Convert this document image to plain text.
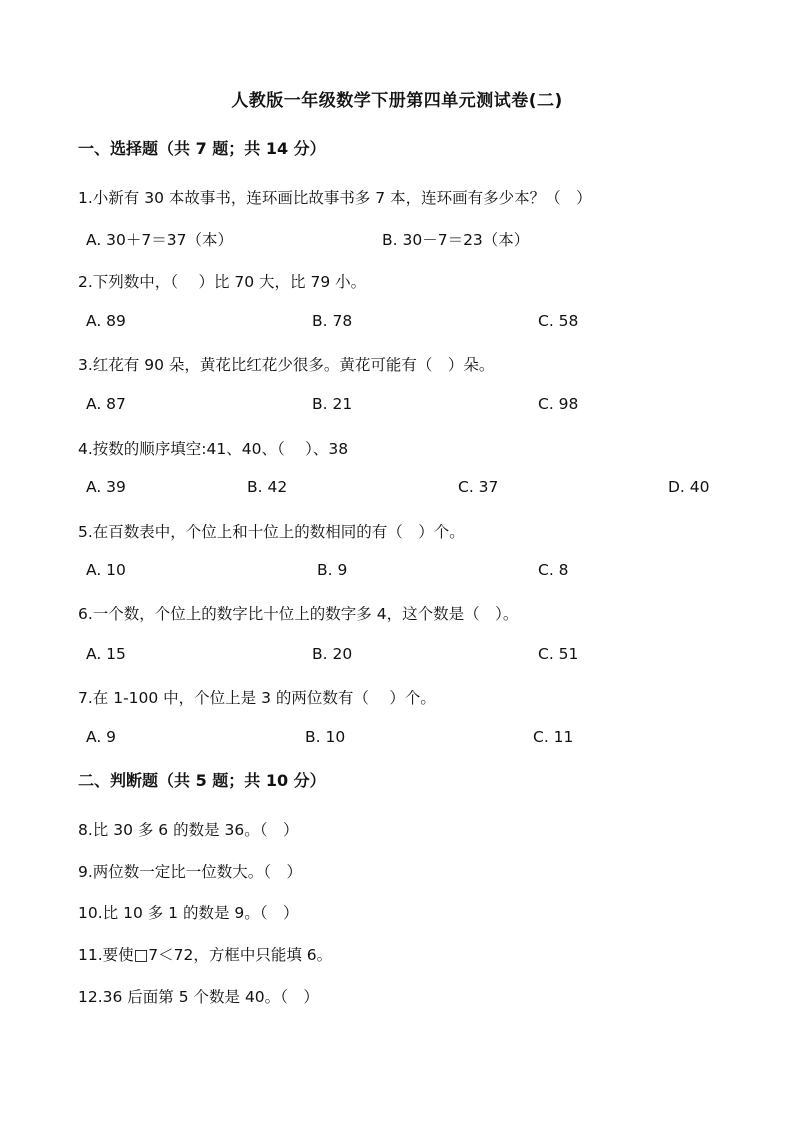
人教版一年级数学下册第四单元测试卷(二)
一、选择题（共 7 题；共 14 分）
1.小新有 30 本故事书，连环画比故事书多 7 本，连环画有多少本？（　）
A. 30＋7＝37（本）	B. 30－7＝23（本）
2.下列数中，（　 ）比 70 大，比 79 小。
A. 89	B. 78	C. 58
3.红花有 90 朵，黄花比红花少很多。黄花可能有（　）朵。
A. 87	B. 21	C. 98
4.按数的顺序填空:41、40、（　 ）、38
A. 39	B. 42	C. 37	D. 40
5.在百数表中，个位上和十位上的数相同的有（　）个。
A. 10	B. 9	C. 8
6.一个数，个位上的数字比十位上的数字多 4，这个数是（　）。
A. 15	B. 20	C. 51
7.在 1-100 中，个位上是 3 的两位数有（　 ）个。
A. 9	B. 10	C. 11
二、判断题（共 5 题；共 10 分）
8.比 30 多 6 的数是 36。（　）
9.两位数一定比一位数大。（　）
10.比 10 多 1 的数是 9。（　）
11.要使□7＜72，方框中只能填 6。
12.36 后面第 5 个数是 40。（　）
